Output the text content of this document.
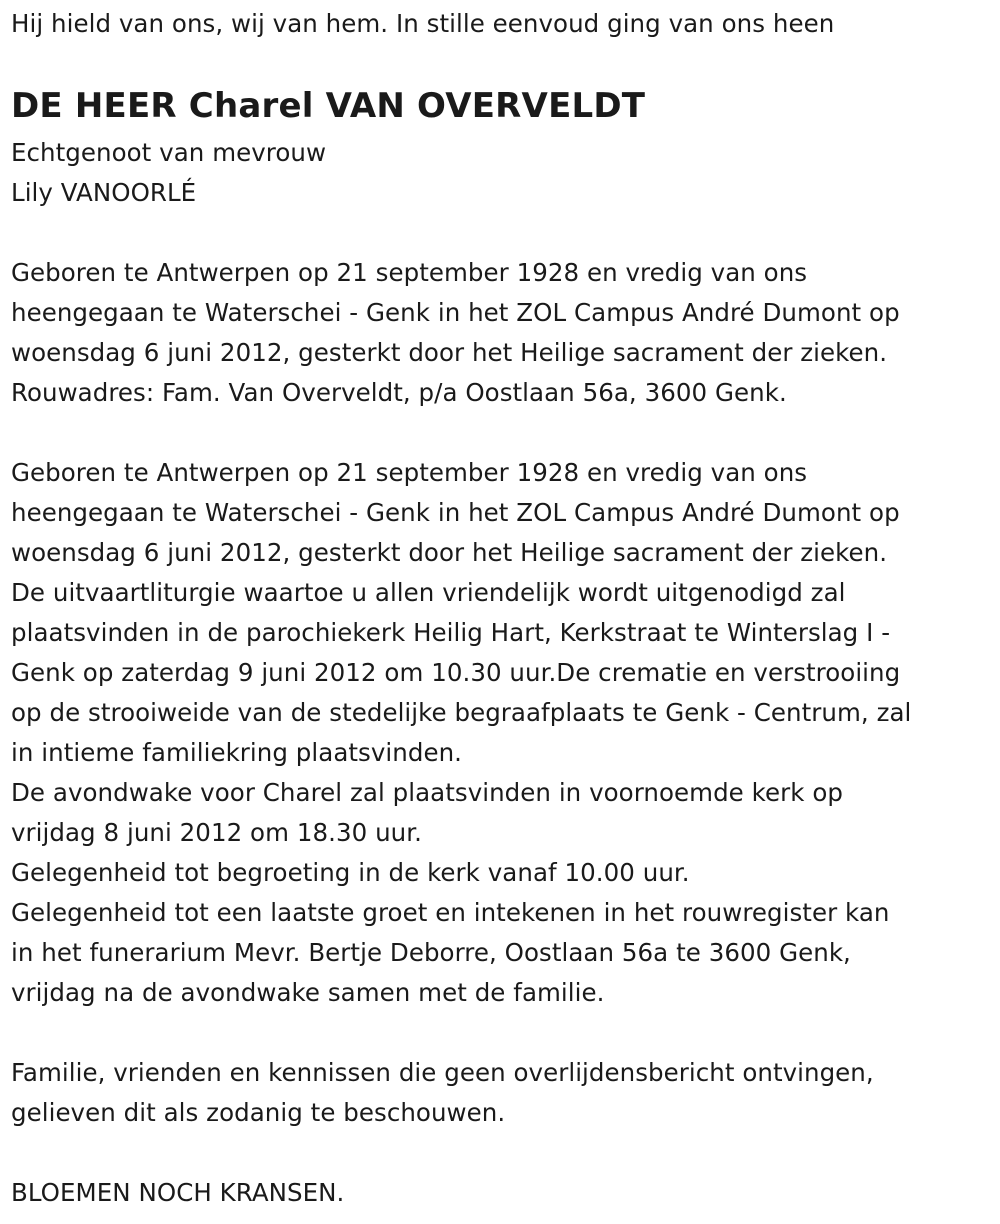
Hij hield van ons, wij van hem. In stille eenvoud ging van ons heen
DE HEER Charel VAN OVERVELDT
Echtgenoot van mevrouw
Lily VANOORLÉ
Geboren te Antwerpen op 21 september 1928 en vredig van ons
heengegaan te Waterschei - Genk in het ZOL Campus André Dumont op
woensdag 6 juni 2012, gesterkt door het Heilige sacrament der zieken.
Rouwadres: Fam. Van Overveldt, p/a Oostlaan 56a, 3600 Genk.
Geboren te Antwerpen op 21 september 1928 en vredig van ons
heengegaan te Waterschei - Genk in het ZOL Campus André Dumont op
woensdag 6 juni 2012, gesterkt door het Heilige sacrament der zieken.
De uitvaartliturgie waartoe u allen vriendelijk wordt uitgenodigd zal
plaatsvinden in de parochiekerk Heilig Hart, Kerkstraat te Winterslag I -
Genk op zaterdag 9 juni 2012 om 10.30 uur.De crematie en verstrooiing
op de strooiweide van de stedelijke begraafplaats te Genk - Centrum, zal
in intieme familiekring plaatsvinden.
De avondwake voor Charel zal plaatsvinden in voornoemde kerk op
vrijdag 8 juni 2012 om 18.30 uur.
Gelegenheid tot begroeting in de kerk vanaf 10.00 uur.
Gelegenheid tot een laatste groet en intekenen in het rouwregister kan
in het funerarium Mevr. Bertje Deborre, Oostlaan 56a te 3600 Genk,
vrijdag na de avondwake samen met de familie.
Familie, vrienden en kennissen die geen overlijdensbericht ontvingen,
gelieven dit als zodanig te beschouwen.
BLOEMEN NOCH KRANSEN.
